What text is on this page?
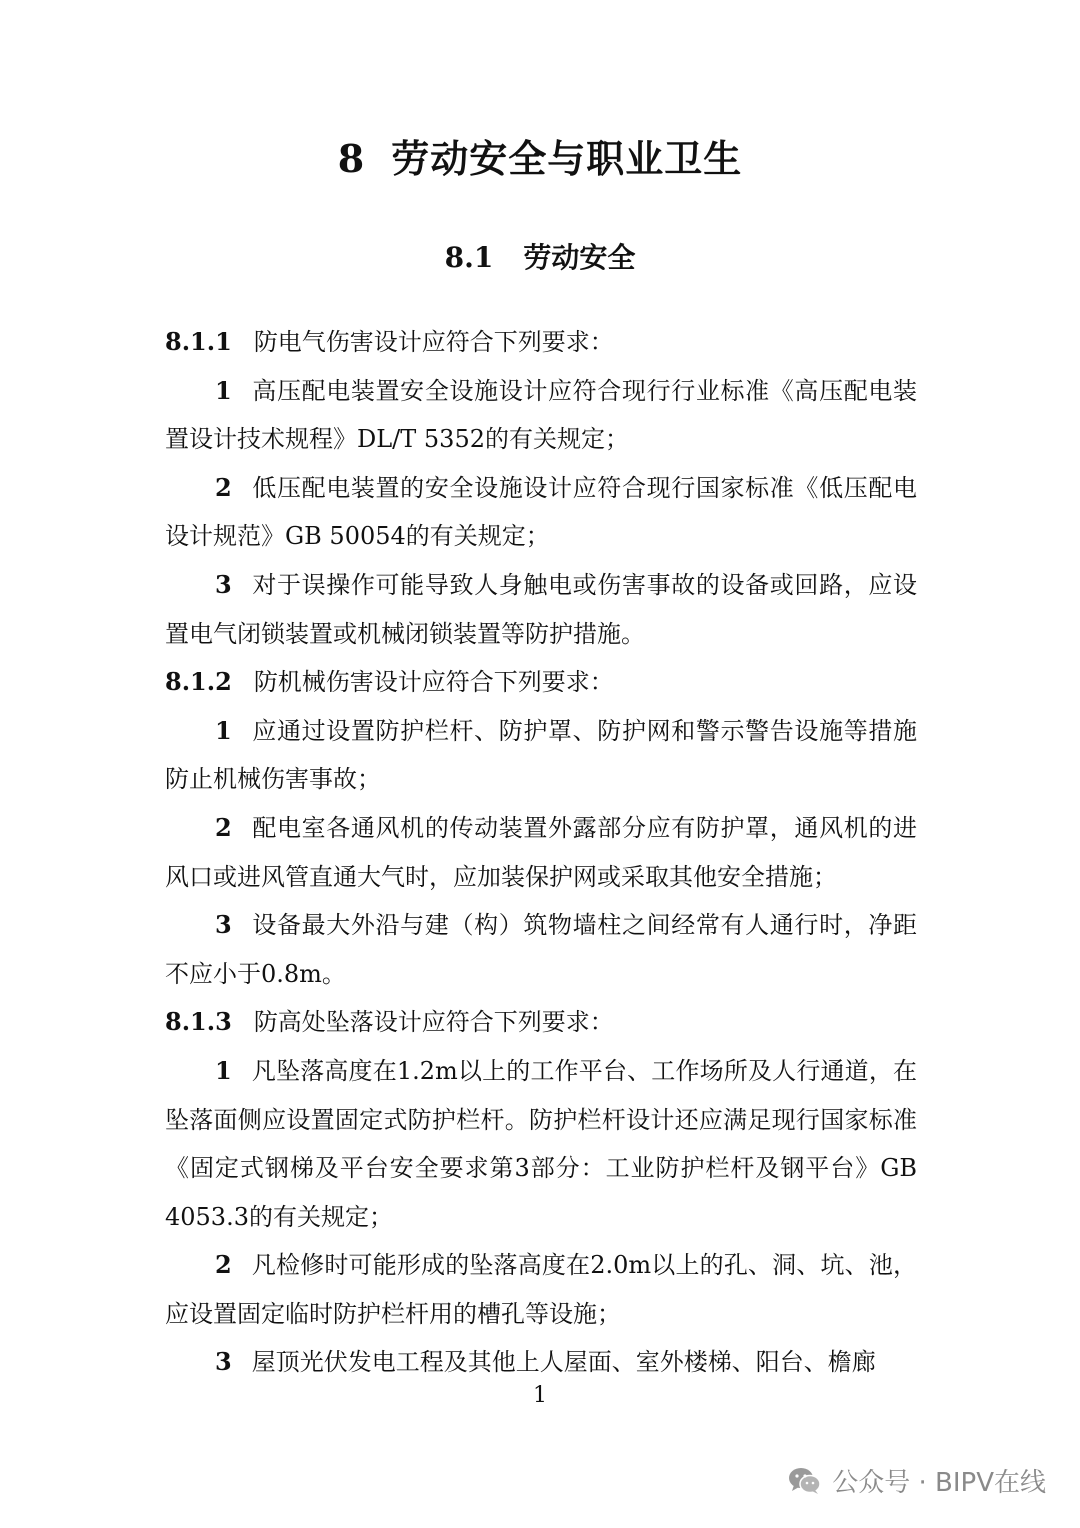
8 劳动安全与职业卫生
8.1 劳动安全

8.1.1 防电气伤害设计应符合下列要求：

1 高压配电装置安全设施设计应符合现行行业标准《高压配电装置设计技术规程》DL/T 5352的有关规定；

2 低压配电装置的安全设施设计应符合现行国家标准《低压配电设计规范》GB 50054的有关规定；

3 对于误操作可能导致人身触电或伤害事故的设备或回路，应设置电气闭锁装置或机械闭锁装置等防护措施。

8.1.2 防机械伤害设计应符合下列要求：

1 应通过设置防护栏杆、防护罩、防护网和警示警告设施等措施防止机械伤害事故；

2 配电室各通风机的传动装置外露部分应有防护罩，通风机的进风口或进风管直通大气时，应加装保护网或采取其他安全措施；

3 设备最大外沿与建（构）筑物墙柱之间经常有人通行时，净距不应小于0.8m。

8.1.3 防高处坠落设计应符合下列要求：

1 凡坠落高度在1.2m以上的工作平台、工作场所及人行通道，在坠落面侧应设置固定式防护栏杆。防护栏杆设计还应满足现行国家标准《固定式钢梯及平台安全要求第3部分：工业防护栏杆及钢平台》GB 4053.3的有关规定；

2 凡检修时可能形成的坠落高度在2.0m以上的孔、洞、坑、池，应设置固定临时防护栏杆用的槽孔等设施；

3 屋顶光伏发电工程及其他上人屋面、室外楼梯、阳台、檐廊

1
公众号 · BIPV在线
